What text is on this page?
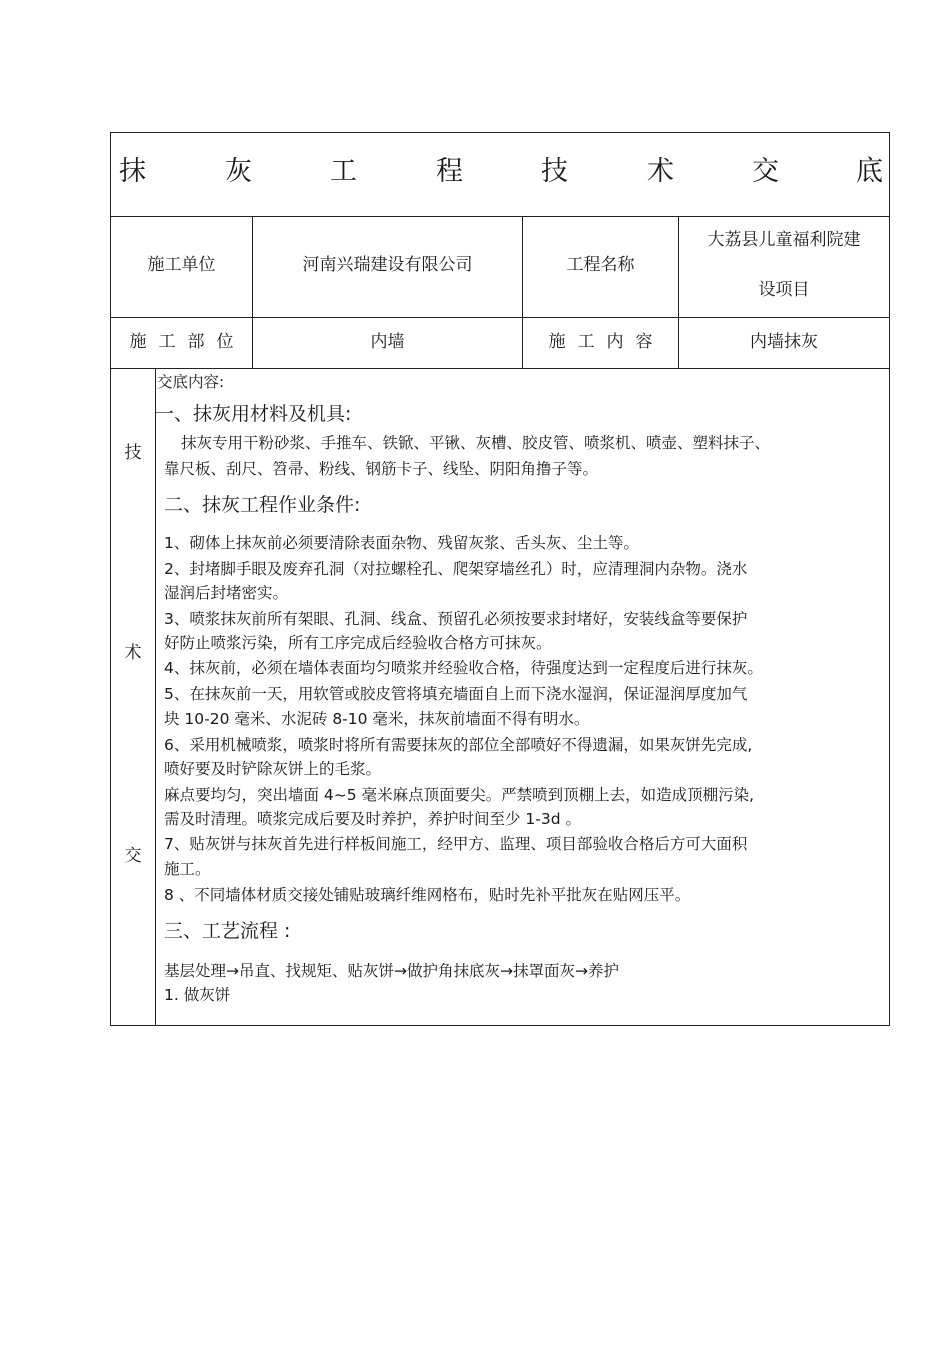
抹	灰	工	程	技	术	交	底
施工单位	河南兴瑞建设有限公司	工程名称
大荔县儿童福利院建
设项目
施工部位	内墙	施工内容	内墙抹灰
技
术
交
交底内容:
一、抹灰用材料及机具:
抹灰专用干粉砂浆、手推车、铁锨、平锹、灰槽、胶皮管、喷浆机、喷壶、塑料抹子、
靠尺板、刮尺、笤帚、粉线、钢筋卡子、线坠、阴阳角撸子等。
二、抹灰工程作业条件:
1、砌体上抹灰前必须要清除表面杂物、残留灰浆、舌头灰、尘土等。
2、封堵脚手眼及废弃孔洞（对拉螺栓孔、爬架穿墙丝孔）时，应清理洞内杂物。浇水
湿润后封堵密实。
3、喷浆抹灰前所有架眼、孔洞、线盒、预留孔必须按要求封堵好，安装线盒等要保护
好防止喷浆污染，所有工序完成后经验收合格方可抹灰。
4、抹灰前，必须在墙体表面均匀喷浆并经验收合格，待强度达到一定程度后进行抹灰。
5、在抹灰前一天，用软管或胶皮管将填充墙面自上而下浇水湿润，保证湿润厚度加气
块 10-20 毫米、水泥砖 8-10 毫米，抹灰前墙面不得有明水。
6、采用机械喷浆，喷浆时将所有需要抹灰的部位全部喷好不得遗漏，如果灰饼先完成,
喷好要及时铲除灰饼上的毛浆。
麻点要均匀，突出墙面 4~5 毫米麻点顶面要尖。严禁喷到顶棚上去，如造成顶棚污染,
需及时清理。喷浆完成后要及时养护，养护时间至少 1-3d 。
7、贴灰饼与抹灰首先进行样板间施工，经甲方、监理、项目部验收合格后方可大面积
施工。
8 、不同墙体材质交接处铺贴玻璃纤维网格布，贴时先补平批灰在贴网压平。
三、工艺流程 :
基层处理→吊直、找规矩、贴灰饼→做护角抹底灰→抹罩面灰→养护
1. 做灰饼
